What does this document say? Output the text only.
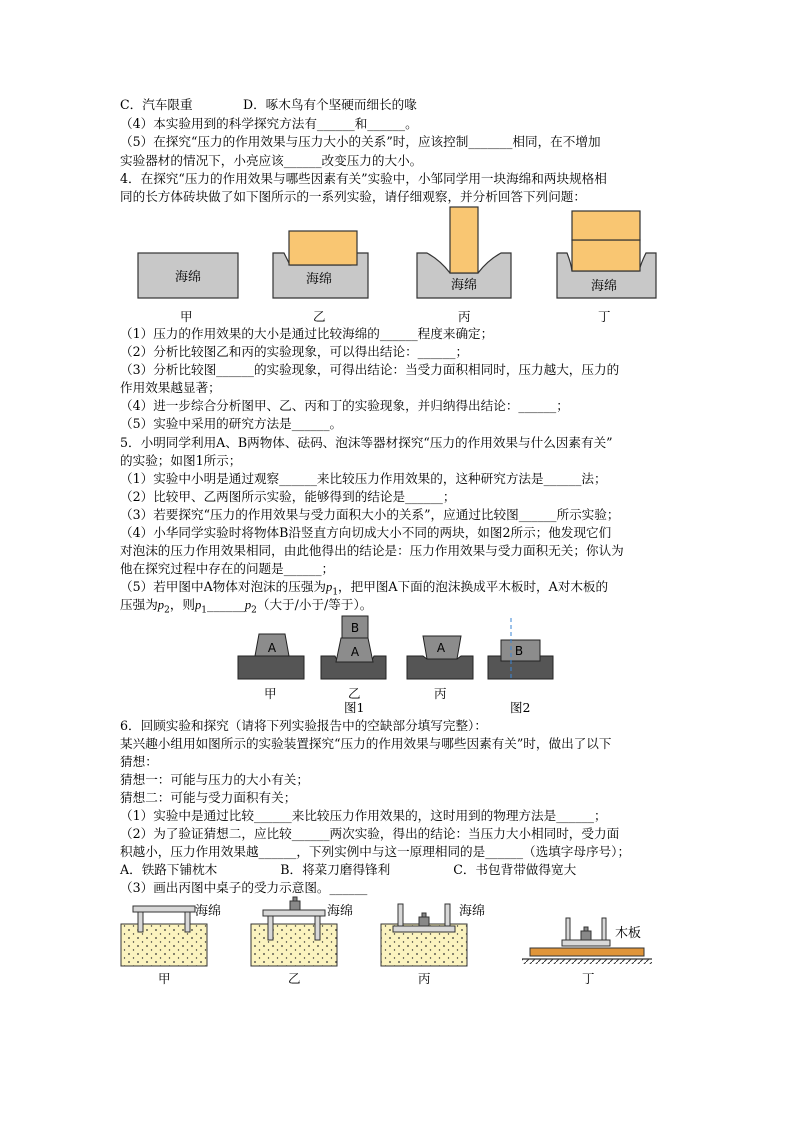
C．汽车限重　　　　D．啄木鸟有个坚硬而细长的喙
（4）本实验用到的科学探究方法有______和______。
（5）在探究“压力的作用效果与压力大小的关系”时，应该控制_______相同，在不增加
实验器材的情况下，小亮应该______改变压力的大小。
4．在探究“压力的作用效果与哪些因素有关”实验中，小邹同学用一块海绵和两块规格相
同的长方体砖块做了如下图所示的一系列实验，请仔细观察，并分析回答下列问题：
海绵	海绵	海绵	海绵
甲	乙	丙	丁
（1）压力的作用效果的大小是通过比较海绵的______程度来确定；
（2）分析比较图乙和丙的实验现象，可以得出结论：______；
（3）分析比较图______的实验现象，可得出结论：当受力面积相同时，压力越大，压力的
作用效果越显著；
（4）进一步综合分析图甲、乙、丙和丁的实验现象，并归纳得出结论：______；
（5）实验中采用的研究方法是______。
5．小明同学利用A、B两物体、砝码、泡沫等器材探究“压力的作用效果与什么因素有关”
的实验；如图1所示；
（1）实验中小明是通过观察______来比较压力作用效果的，这种研究方法是______法；
（2）比较甲、乙两图所示实验，能够得到的结论是______；
（3）若要探究“压力的作用效果与受力面积大小的关系”，应通过比较图______所示实验；
（4）小华同学实验时将物体B沿竖直方向切成大小不同的两块，如图2所示；他发现它们
对泡沫的压力作用效果相同，由此他得出的结论是：压力作用效果与受力面积无关；你认为
他在探究过程中存在的问题是______；
（5）若甲图中A物体对泡沫的压强为$p_1$，把甲图A下面的泡沫换成平木板时，A对木板的
压强为$p_2$，则$p_1\_\_\_\_\_\_p_2$（大于/小于/等于）。
A	A
B
A	B
甲	乙	丙
图1	图2
6．回顾实验和探究（请将下列实验报告中的空缺部分填写完整）：
某兴趣小组用如图所示的实验装置探究“压力的作用效果与哪些因素有关”时，做出了以下
猜想：
猜想一：可能与压力的大小有关；
猜想二：可能与受力面积有关；
（1）实验中是通过比较______来比较压力作用效果的，这时用到的物理方法是______；
（2）为了验证猜想二，应比较______两次实验，得出的结论：当压力大小相同时，受力面
积越小，压力作用效果越______，下列实例中与这一原理相同的是______（选填字母序号）；
A．铁路下铺枕木　　　　　B．将菜刀磨得锋利　　　　　C．书包背带做得宽大
（3）画出丙图中桌子的受力示意图。______
海绵	海绵	海绵
木板
甲	乙	丙	丁
